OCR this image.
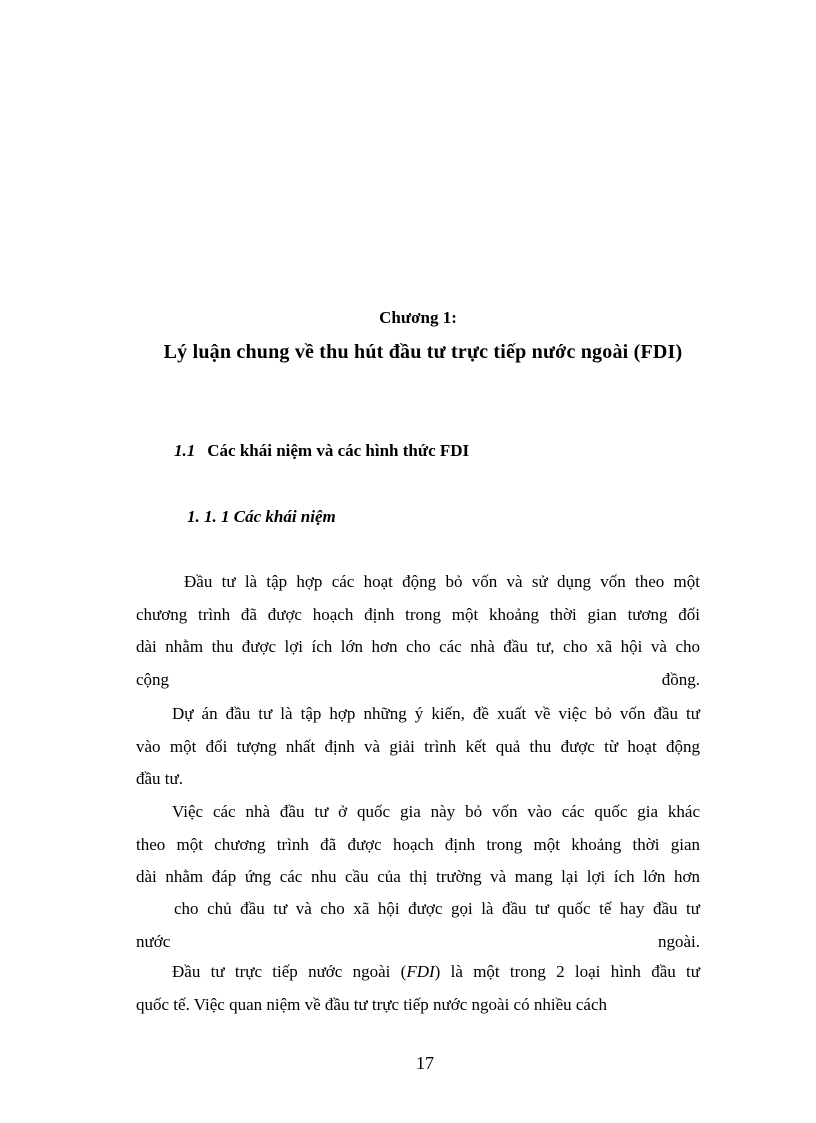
Chương 1:
Lý luận chung về thu hút đầu tư trực tiếp nước ngoài (FDI)
1.1 Các khái niệm và các hình thức FDI
1. 1. 1 Các khái niệm
Đầu tư là tập hợp các hoạt động bỏ vốn và sử dụng vốn theo một
chương trình đã được hoạch định trong một khoảng thời gian tương đối
dài nhằm thu được lợi ích lớn hơn cho các nhà đầu tư, cho xã hội và cho
cộng	đồng.
Dự án đầu tư là tập hợp những ý kiến, đề xuất về việc bỏ vốn đầu tư
vào một đối tượng nhất định và giải trình kết quả thu được từ hoạt động
đầu tư.
Việc các nhà đầu tư ở quốc gia này bỏ vốn vào các quốc gia khác
theo một chương trình đã được hoạch định trong một khoảng thời gian
dài nhằm đáp ứng các nhu cầu của thị trường và mang lại lợi ích lớn hơn
cho chủ đầu tư và cho xã hội được gọi là đầu tư quốc tế hay đầu tư
nước	ngoài.
Đầu tư trực tiếp nước ngoài (FDI) là một trong 2 loại hình đầu tư
quốc tế. Việc quan niệm về đầu tư trực tiếp nước ngoài có nhiều cách
17
